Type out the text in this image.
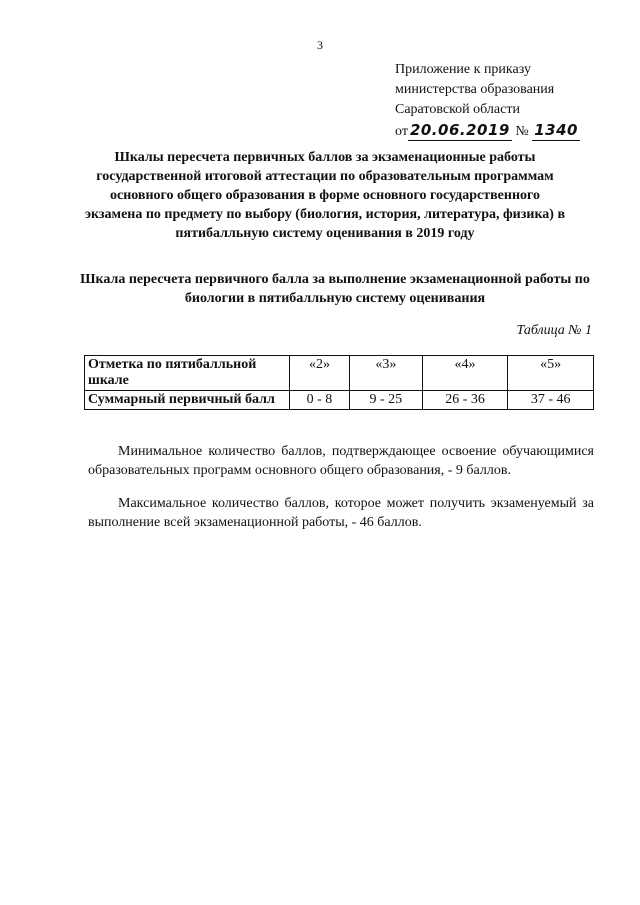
3
Приложение к приказу
министерства образования
Саратовской области
от 20.06.2019 № 1340
Шкалы пересчета первичных баллов за экзаменационные работы государственной итоговой аттестации по образовательным программам основного общего образования в форме основного государственного экзамена по предмету по выбору (биология, история, литература, физика) в пятибалльную систему оценивания в 2019 году
Шкала пересчета первичного балла за выполнение экзаменационной работы по биологии в пятибалльную систему оценивания
Таблица № 1
Отметка по пятибалльной шкале	«2»	«3»	«4»	«5»
Суммарный первичный балл	0 - 8	9 - 25	26 - 36	37 - 46
Минимальное количество баллов, подтверждающее освоение обучающимися образовательных программ основного общего образования, - 9 баллов.
Максимальное количество баллов, которое может получить экзаменуемый за выполнение всей экзаменационной работы, - 46 баллов.
